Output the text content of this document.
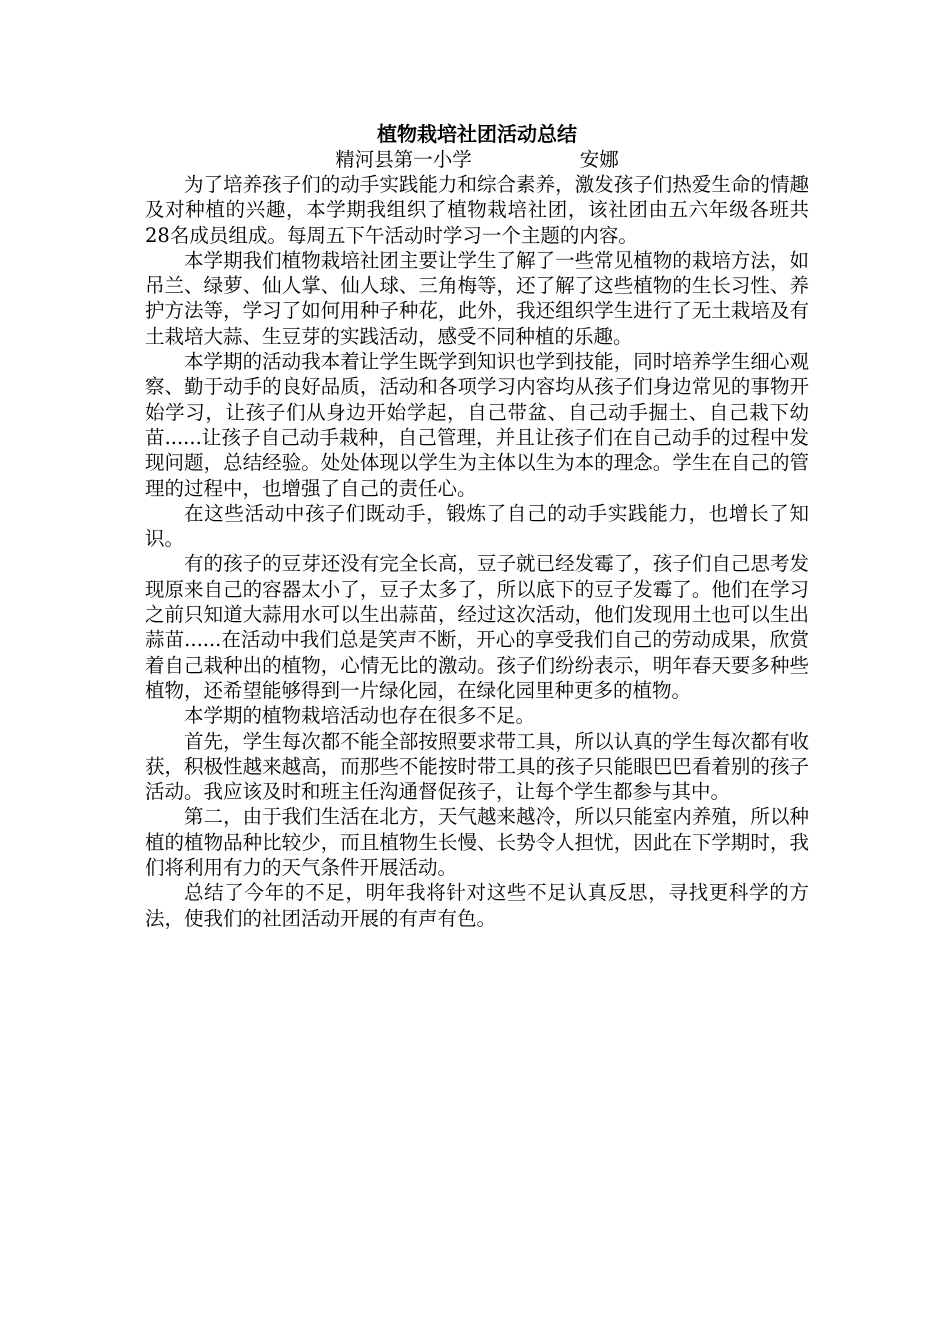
植物栽培社团活动总结

精河县第一小学	安娜

为了培养孩子们的动手实践能力和综合素养，激发孩子们热爱生命的情趣及对种植的兴趣，本学期我组织了植物栽培社团，该社团由五六年级各班共28名成员组成。每周五下午活动时学习一个主题的内容。

本学期我们植物栽培社团主要让学生了解了一些常见植物的栽培方法，如吊兰、绿萝、仙人掌、仙人球、三角梅等，还了解了这些植物的生长习性、养护方法等，学习了如何用种子种花，此外，我还组织学生进行了无土栽培及有土栽培大蒜、生豆芽的实践活动，感受不同种植的乐趣。

本学期的活动我本着让学生既学到知识也学到技能，同时培养学生细心观察、勤于动手的良好品质，活动和各项学习内容均从孩子们身边常见的事物开始学习，让孩子们从身边开始学起，自己带盆、自己动手掘土、自己栽下幼苗......让孩子自己动手栽种，自己管理，并且让孩子们在自己动手的过程中发现问题，总结经验。处处体现以学生为主体以生为本的理念。学生在自己的管理的过程中，也增强了自己的责任心。

在这些活动中孩子们既动手，锻炼了自己的动手实践能力，也增长了知识。

有的孩子的豆芽还没有完全长高，豆子就已经发霉了，孩子们自己思考发现原来自己的容器太小了，豆子太多了，所以底下的豆子发霉了。他们在学习之前只知道大蒜用水可以生出蒜苗，经过这次活动，他们发现用土也可以生出蒜苗......在活动中我们总是笑声不断，开心的享受我们自己的劳动成果，欣赏着自己栽种出的植物，心情无比的激动。孩子们纷纷表示，明年春天要多种些植物，还希望能够得到一片绿化园，在绿化园里种更多的植物。

本学期的植物栽培活动也存在很多不足。

首先，学生每次都不能全部按照要求带工具，所以认真的学生每次都有收获，积极性越来越高，而那些不能按时带工具的孩子只能眼巴巴看着别的孩子活动。我应该及时和班主任沟通督促孩子，让每个学生都参与其中。

第二，由于我们生活在北方，天气越来越冷，所以只能室内养殖，所以种植的植物品种比较少，而且植物生长慢、长势令人担忧，因此在下学期时，我们将利用有力的天气条件开展活动。

总结了今年的不足，明年我将针对这些不足认真反思，寻找更科学的方法，使我们的社团活动开展的有声有色。
